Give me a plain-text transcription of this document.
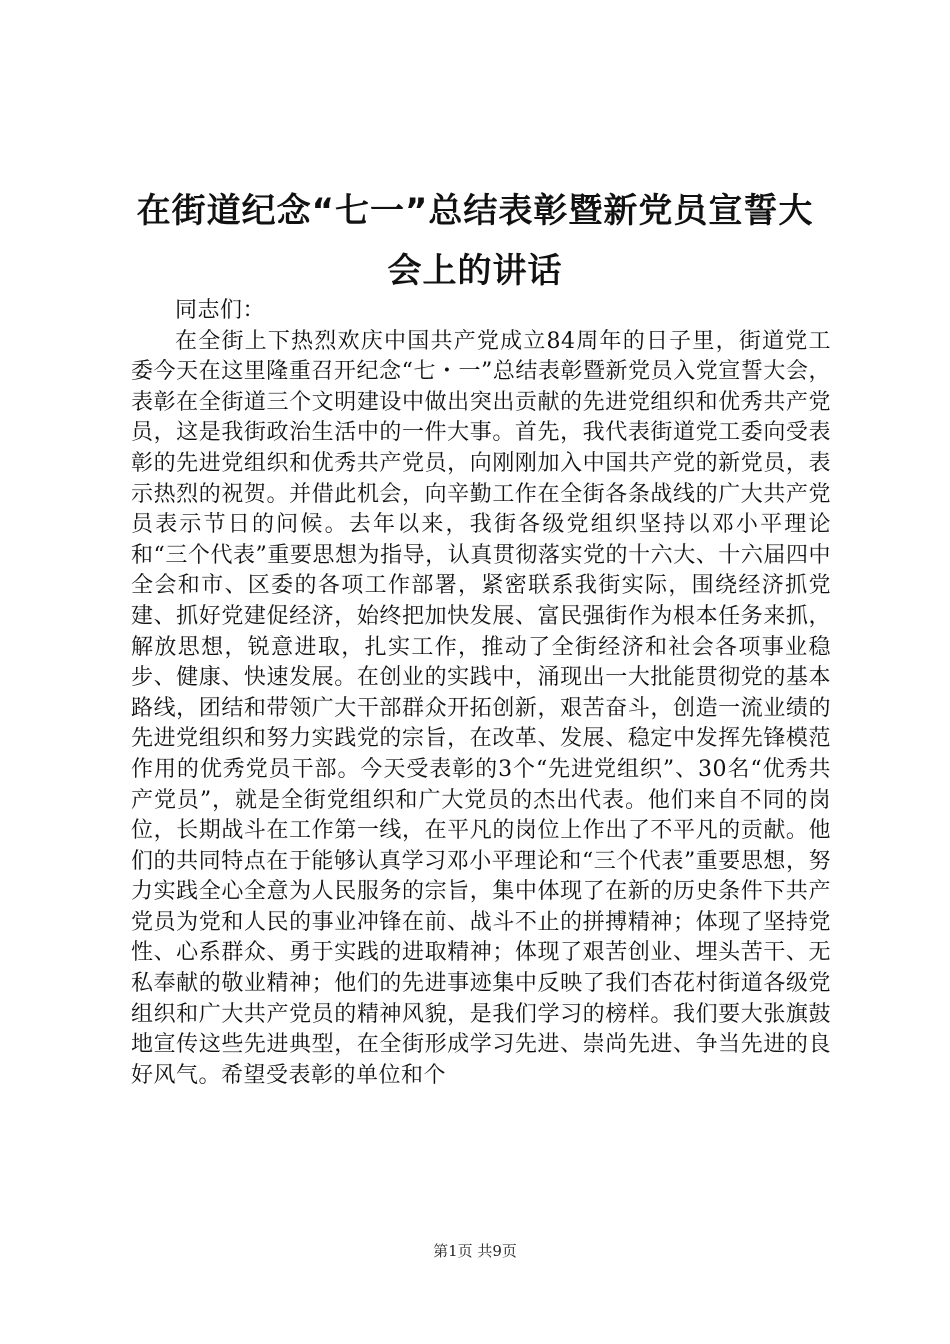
在街道纪念“七一”总结表彰暨新党员宣誓大
会上的讲话

同志们：

在全街上下热烈欢庆中国共产党成立84周年的日子里，街道党工委今天在这里隆重召开纪念“七・一”总结表彰暨新党员入党宣誓大会，表彰在全街道三个文明建设中做出突出贡献的先进党组织和优秀共产党员，这是我街政治生活中的一件大事。首先，我代表街道党工委向受表彰的先进党组织和优秀共产党员，向刚刚加入中国共产党的新党员，表示热烈的祝贺。并借此机会，向辛勤工作在全街各条战线的广大共产党员表示节日的问候。去年以来，我街各级党组织坚持以邓小平理论和“三个代表”重要思想为指导，认真贯彻落实党的十六大、十六届四中全会和市、区委的各项工作部署，紧密联系我街实际，围绕经济抓党建、抓好党建促经济，始终把加快发展、富民强街作为根本任务来抓，解放思想，锐意进取，扎实工作，推动了全街经济和社会各项事业稳步、健康、快速发展。在创业的实践中，涌现出一大批能贯彻党的基本路线，团结和带领广大干部群众开拓创新，艰苦奋斗，创造一流业绩的先进党组织和努力实践党的宗旨，在改革、发展、稳定中发挥先锋模范作用的优秀党员干部。今天受表彰的3个“先进党组织”、30名“优秀共产党员”，就是全街党组织和广大党员的杰出代表。他们来自不同的岗位，长期战斗在工作第一线，在平凡的岗位上作出了不平凡的贡献。他们的共同特点在于能够认真学习邓小平理论和“三个代表”重要思想，努力实践全心全意为人民服务的宗旨，集中体现了在新的历史条件下共产党员为党和人民的事业冲锋在前、战斗不止的拼搏精神；体现了坚持党性、心系群众、勇于实践的进取精神；体现了艰苦创业、埋头苦干、无私奉献的敬业精神；他们的先进事迹集中反映了我们杏花村街道各级党组织和广大共产党员的精神风貌，是我们学习的榜样。我们要大张旗鼓地宣传这些先进典型，在全街形成学习先进、崇尚先进、争当先进的良好风气。希望受表彰的单位和个

第1页 共9页
